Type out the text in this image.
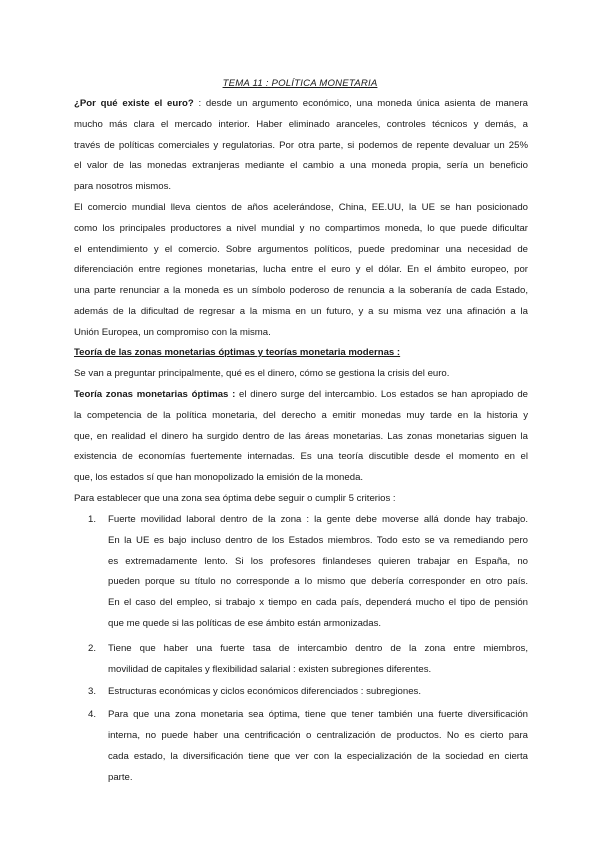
TEMA 11 : POLÍTICA MONETARIA
¿Por qué existe el euro? : desde un argumento económico, una moneda única asienta de manera
mucho más clara el mercado interior. Haber eliminado aranceles, controles técnicos y demás, a
través de políticas comerciales y regulatorias. Por otra parte, si podemos de repente devaluar un 25%
el valor de las monedas extranjeras mediante el cambio a una moneda propia, sería un beneficio
para nosotros mismos.
El comercio mundial lleva cientos de años acelerándose, China, EE.UU, la UE se han posicionado
como los principales productores a nivel mundial y no compartimos moneda, lo que puede dificultar
el entendimiento y el comercio. Sobre argumentos políticos, puede predominar una necesidad de
diferenciación entre regiones monetarias, lucha entre el euro y el dólar. En el ámbito europeo, por
una parte renunciar a la moneda es un símbolo poderoso de renuncia a la soberanía de cada Estado,
además de la dificultad de regresar a la misma en un futuro, y a su misma vez una afinación a la
Unión Europea, un compromiso con la misma.
Teoría de las zonas monetarias óptimas y teorías monetaria modernas :
Se van a preguntar principalmente, qué es el dinero, cómo se gestiona la crisis del euro.
Teoría zonas monetarias óptimas : el dinero surge del intercambio. Los estados se han apropiado de
la competencia de la política monetaria, del derecho a emitir monedas muy tarde en la historia y
que, en realidad el dinero ha surgido dentro de las áreas monetarias. Las zonas monetarias siguen la
existencia de economías fuertemente internadas. Es una teoría discutible desde el momento en el
que, los estados sí que han monopolizado la emisión de la moneda.
Para establecer que una zona sea óptima debe seguir o cumplir 5 criterios :
1.	Fuerte movilidad laboral dentro de la zona : la gente debe moverse allá donde hay trabajo.
En la UE es bajo incluso dentro de los Estados miembros. Todo esto se va remediando pero
es extremadamente lento. Si los profesores finlandeses quieren trabajar en España, no
pueden porque su título no corresponde a lo mismo que debería corresponder en otro país.
En el caso del empleo, si trabajo x tiempo en cada país, dependerá mucho el tipo de pensión
que me quede si las políticas de ese ámbito están armonizadas.
2.	Tiene que haber una fuerte tasa de intercambio dentro de la zona entre miembros,
movilidad de capitales y flexibilidad salarial : existen subregiones diferentes.
3.	Estructuras económicas y ciclos económicos diferenciados : subregiones.
4.	Para que una zona monetaria sea óptima, tiene que tener también una fuerte diversificación
interna, no puede haber una centrificación o centralización de productos. No es cierto para
cada estado, la diversificación tiene que ver con la especialización de la sociedad en cierta
parte.
